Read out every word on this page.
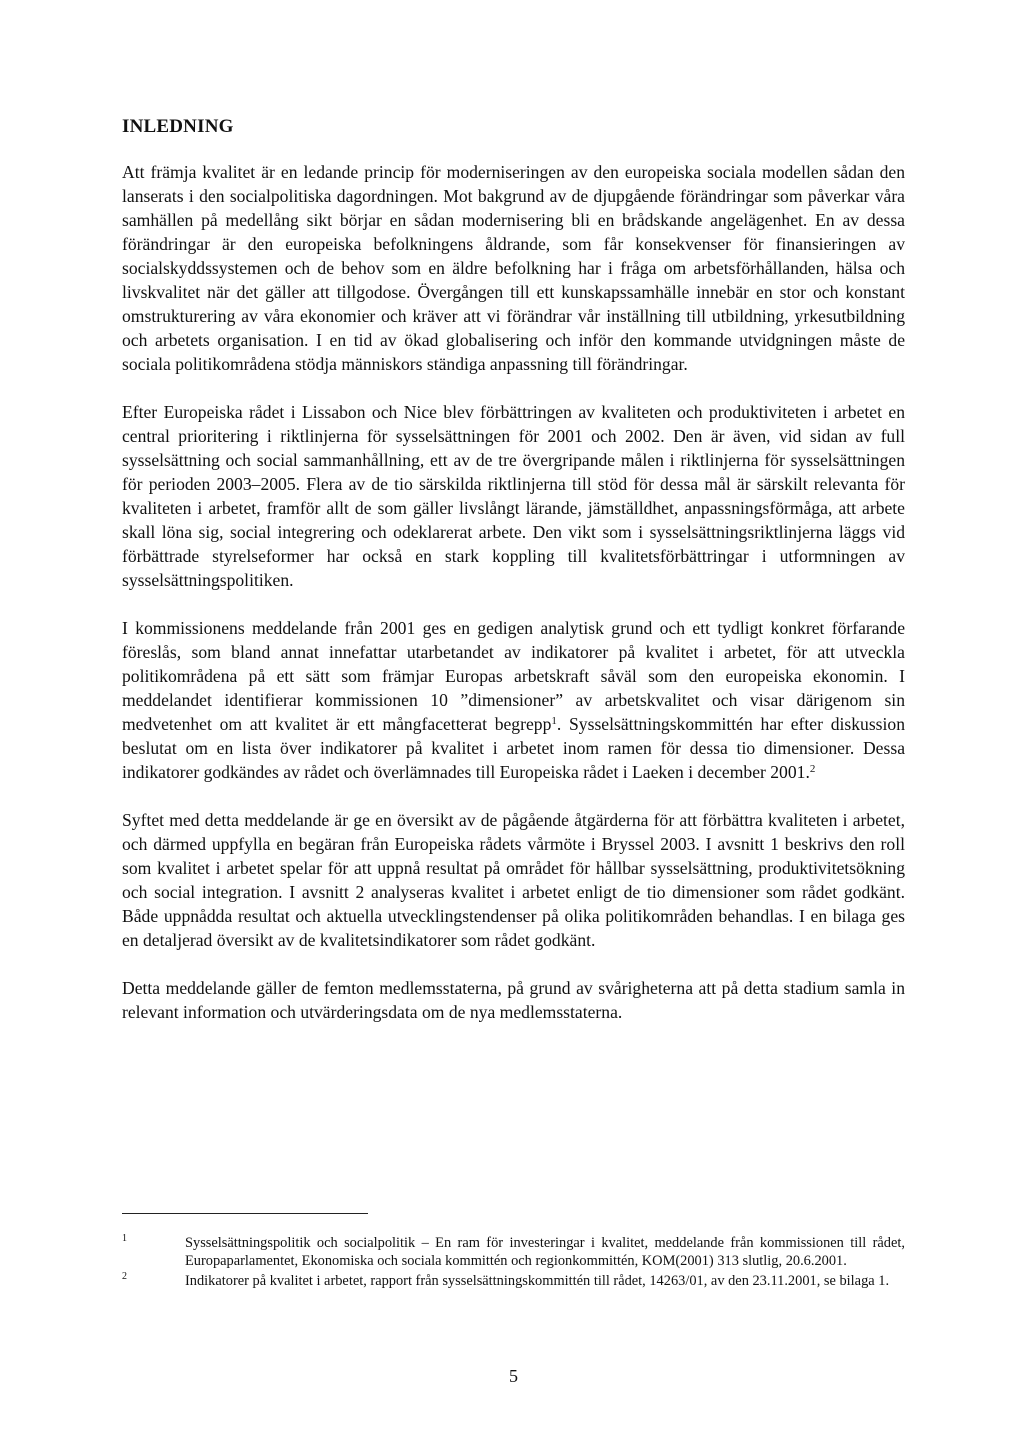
INLEDNING

Att främja kvalitet är en ledande princip för moderniseringen av den europeiska sociala modellen sådan den lanserats i den socialpolitiska dagordningen. Mot bakgrund av de djupgående förändringar som påverkar våra samhällen på medellång sikt börjar en sådan modernisering bli en brådskande angelägenhet. En av dessa förändringar är den europeiska befolkningens åldrande, som får konsekvenser för finansieringen av socialskyddssystemen och de behov som en äldre befolkning har i fråga om arbetsförhållanden, hälsa och livskvalitet när det gäller att tillgodose. Övergången till ett kunskapssamhälle innebär en stor och konstant omstrukturering av våra ekonomier och kräver att vi förändrar vår inställning till utbildning, yrkesutbildning och arbetets organisation. I en tid av ökad globalisering och inför den kommande utvidgningen måste de sociala politikområdena stödja människors ständiga anpassning till förändringar.

Efter Europeiska rådet i Lissabon och Nice blev förbättringen av kvaliteten och produktiviteten i arbetet en central prioritering i riktlinjerna för sysselsättningen för 2001 och 2002. Den är även, vid sidan av full sysselsättning och social sammanhållning, ett av de tre övergripande målen i riktlinjerna för sysselsättningen för perioden 2003–2005. Flera av de tio särskilda riktlinjerna till stöd för dessa mål är särskilt relevanta för kvaliteten i arbetet, framför allt de som gäller livslångt lärande, jämställdhet, anpassningsförmåga, att arbete skall löna sig, social integrering och odeklarerat arbete. Den vikt som i sysselsättningsriktlinjerna läggs vid förbättrade styrelseformer har också en stark koppling till kvalitetsförbättringar i utformningen av sysselsättningspolitiken.

I kommissionens meddelande från 2001 ges en gedigen analytisk grund och ett tydligt konkret förfarande föreslås, som bland annat innefattar utarbetandet av indikatorer på kvalitet i arbetet, för att utveckla politikområdena på ett sätt som främjar Europas arbetskraft såväl som den europeiska ekonomin. I meddelandet identifierar kommissionen 10 ”dimensioner” av arbetskvalitet och visar därigenom sin medvetenhet om att kvalitet är ett mångfacetterat begrepp$^1$. Sysselsättningskommittén har efter diskussion beslutat om en lista över indikatorer på kvalitet i arbetet inom ramen för dessa tio dimensioner. Dessa indikatorer godkändes av rådet och överlämnades till Europeiska rådet i Laeken i december 2001.$^2$

Syftet med detta meddelande är ge en översikt av de pågående åtgärderna för att förbättra kvaliteten i arbetet, och därmed uppfylla en begäran från Europeiska rådets vårmöte i Bryssel 2003. I avsnitt 1 beskrivs den roll som kvalitet i arbetet spelar för att uppnå resultat på området för hållbar sysselsättning, produktivitetsökning och social integration. I avsnitt 2 analyseras kvalitet i arbetet enligt de tio dimensioner som rådet godkänt. Både uppnådda resultat och aktuella utvecklingstendenser på olika politikområden behandlas. I en bilaga ges en detaljerad översikt av de kvalitetsindikatorer som rådet godkänt.

Detta meddelande gäller de femton medlemsstaterna, på grund av svårigheterna att på detta stadium samla in relevant information och utvärderingsdata om de nya medlemsstaterna.

1	Sysselsättningspolitik och socialpolitik – En ram för investeringar i kvalitet, meddelande från kommissionen till rådet, Europaparlamentet, Ekonomiska och sociala kommittén och regionkommittén, KOM(2001) 313 slutlig, 20.6.2001.

2	Indikatorer på kvalitet i arbetet, rapport från sysselsättningskommittén till rådet, 14263/01, av den 23.11.2001, se bilaga 1.

5
